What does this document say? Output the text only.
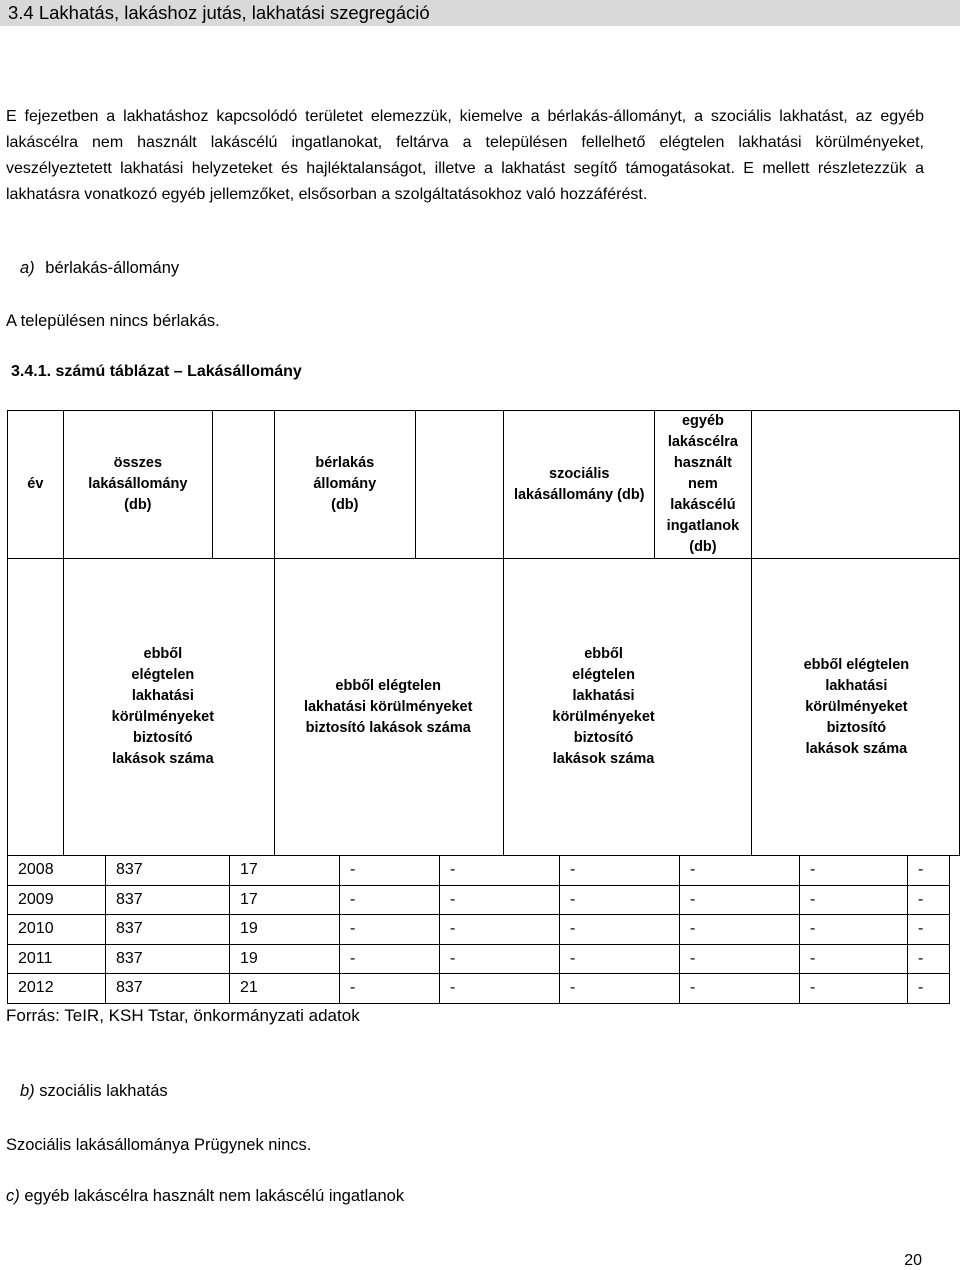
3.4 Lakhatás, lakáshoz jutás, lakhatási szegregáció
E fejezetben a lakhatáshoz kapcsolódó területet elemezzük, kiemelve a bérlakás-állományt, a szociális lakhatást, az egyéb lakáscélra nem használt lakáscélú ingatlanokat, feltárva a településen fellelhető elégtelen lakhatási körülményeket, veszélyeztetett lakhatási helyzeteket és hajléktalanságot, illetve a lakhatást segítő támogatásokat. E mellett részletezzük a lakhatásra vonatkozó egyéb jellemzőket, elsősorban a szolgáltatásokhoz való hozzáférést.
a) bérlakás-állomány
A településen nincs bérlakás.
3.4.1. számú táblázat – Lakásállomány
év	összes lakásállomány (db)		bérlakás állomány (db)		szociális lakásállomány (db)	egyéb lakáscélra használt nem lakáscélú ingatlanok (db)	
	ebből elégtelen lakhatási körülményeket biztosító lakások száma		ebből elégtelen lakhatási körülményeket biztosító lakások száma		ebből elégtelen lakhatási körülményeket biztosító lakások száma		ebből elégtelen lakhatási körülményeket biztosító lakások száma
2008	837	17	-	-	-	-	-	-
2009	837	17	-	-	-	-	-	-
2010	837	19	-	-	-	-	-	-
2011	837	19	-	-	-	-	-	-
2012	837	21	-	-	-	-	-	-
Forrás: TeIR, KSH Tstar, önkormányzati adatok
b) szociális lakhatás
Szociális lakásállománya Prügynek nincs.
c) egyéb lakáscélra használt nem lakáscélú ingatlanok
20
